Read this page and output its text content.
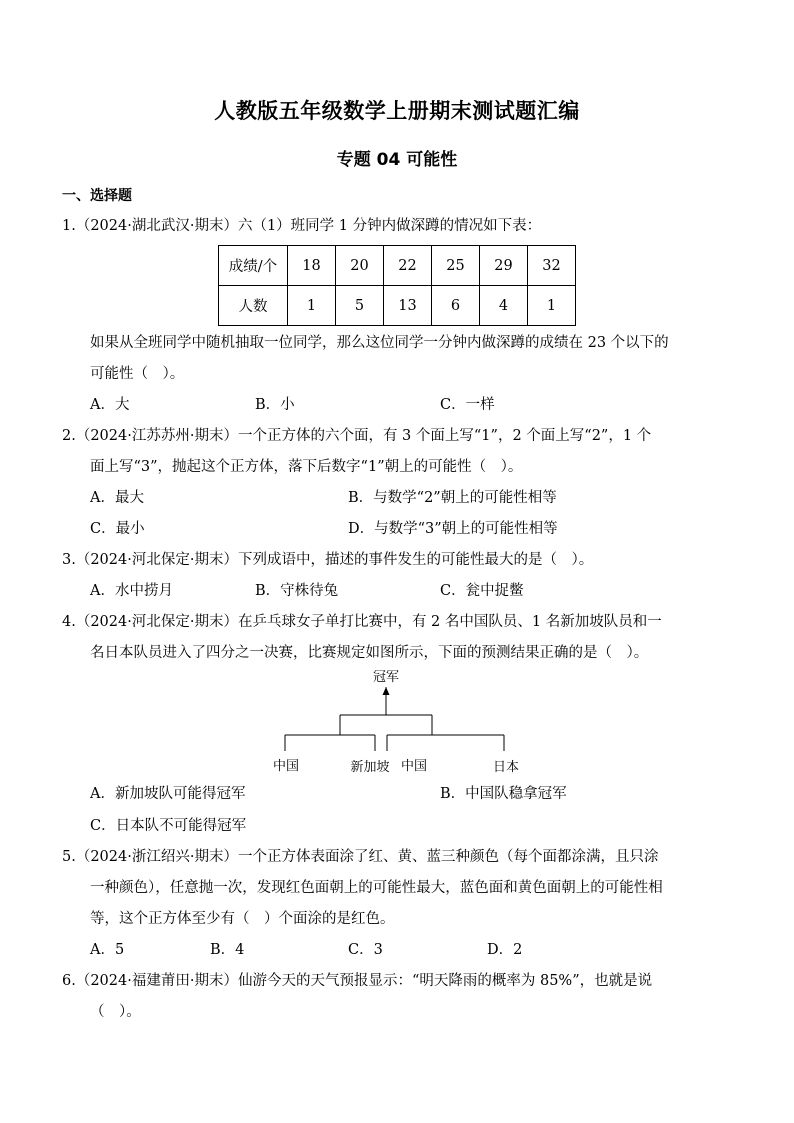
人教版五年级数学上册期末测试题汇编
专题 04 可能性
一、选择题
1.（2024·湖北武汉·期末）六（1）班同学 1 分钟内做深蹲的情况如下表：
成绩/个	18	20	22	25	29	32
人数	1	5	13	6	4	1
如果从全班同学中随机抽取一位同学，那么这位同学一分钟内做深蹲的成绩在 23 个以下的
可能性（　）。
A．大	B．小	C．一样
2.（2024·江苏苏州·期末）一个正方体的六个面，有 3 个面上写“1”，2 个面上写“2”，1 个
面上写“3”，抛起这个正方体，落下后数字“1”朝上的可能性（　）。
A．最大	B．与数学“2”朝上的可能性相等
C．最小	D．与数学“3”朝上的可能性相等
3.（2024·河北保定·期末）下列成语中，描述的事件发生的可能性最大的是（　）。
A．水中捞月	B．守株待兔	C．瓮中捉鳖
4.（2024·河北保定·期末）在乒乓球女子单打比赛中，有 2 名中国队员、1 名新加坡队员和一
名日本队员进入了四分之一决赛，比赛规定如图所示，下面的预测结果正确的是（　）。
冠军
中国	新加坡 中国	日本
A．新加坡队可能得冠军	B．中国队稳拿冠军
C．日本队不可能得冠军
5.（2024·浙江绍兴·期末）一个正方体表面涂了红、黄、蓝三种颜色（每个面都涂满，且只涂
一种颜色），任意抛一次，发现红色面朝上的可能性最大，蓝色面和黄色面朝上的可能性相
等，这个正方体至少有（　）个面涂的是红色。
A．5	B．4	C．3	D．2
6.（2024·福建莆田·期末）仙游今天的天气预报显示：“明天降雨的概率为 85%”，也就是说
（　）。
